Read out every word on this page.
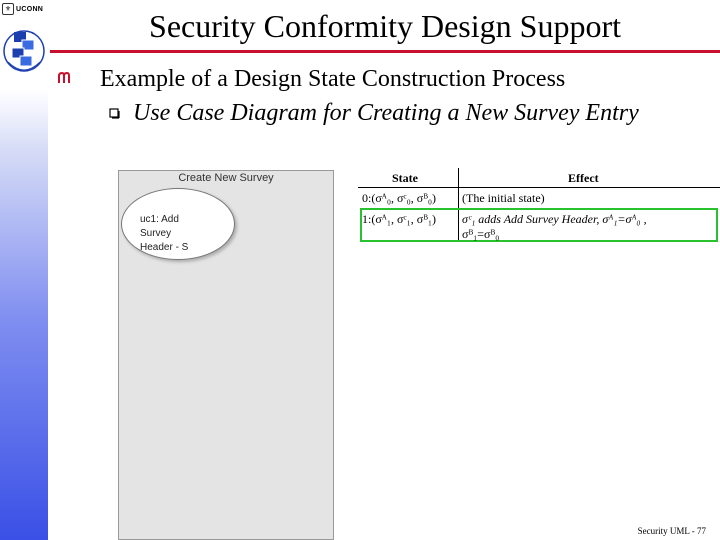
⚜ UCONN	Security Conformity Design Support
Example of a Design State Construction Process
Use Case Diagram for Creating a New Survey Entry
Create New Survey
uc1: Add
Survey
Header - S
State	Effect
0:(σᴬ₀, σᶜ₀, σᴮ₀) (The initial state)
1:(σᴬ₁, σᶜ₁, σᴮ₁) σᶜ₁ adds Add Survey Header, σᴬ₁=σᴬ₀ ,
σᴮ₁=σᴮ₀
Security UML - 77
